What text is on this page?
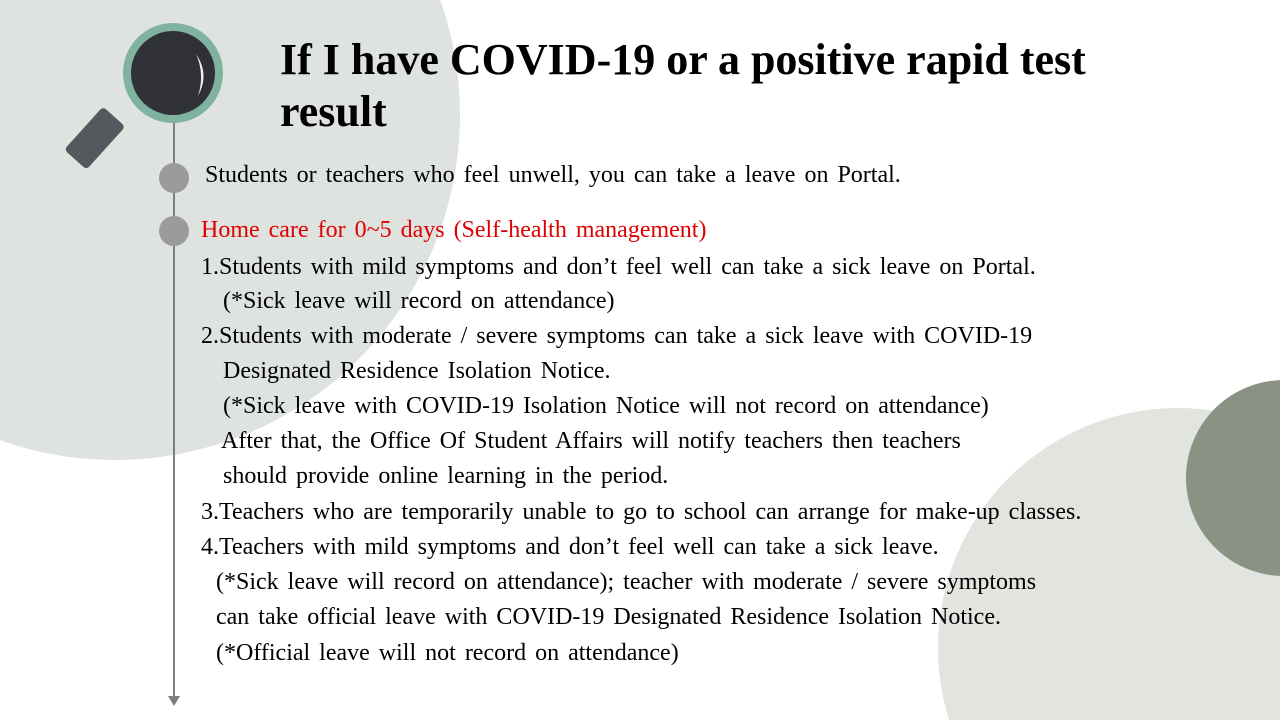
If I have COVID-19 or a positive rapid test result
Students or teachers who feel unwell, you can take a leave on Portal.
Home care for 0~5 days (Self-health management)
1.Students with mild symptoms and don’t feel well can take a sick leave on Portal.
(*Sick leave will record on attendance)
2.Students with moderate / severe symptoms can take a sick leave with COVID-19
Designated Residence Isolation Notice.
(*Sick leave with COVID-19 Isolation Notice will not record on attendance)
After that, the Office Of Student Affairs will notify teachers then teachers
should provide online learning in the period.
3.Teachers who are temporarily unable to go to school can arrange for make-up classes.
4.Teachers with mild symptoms and don’t feel well can take a sick leave.
(*Sick leave will record on attendance); teacher with moderate / severe symptoms
can take official leave with COVID-19 Designated Residence Isolation Notice.
(*Official leave will not record on attendance)
